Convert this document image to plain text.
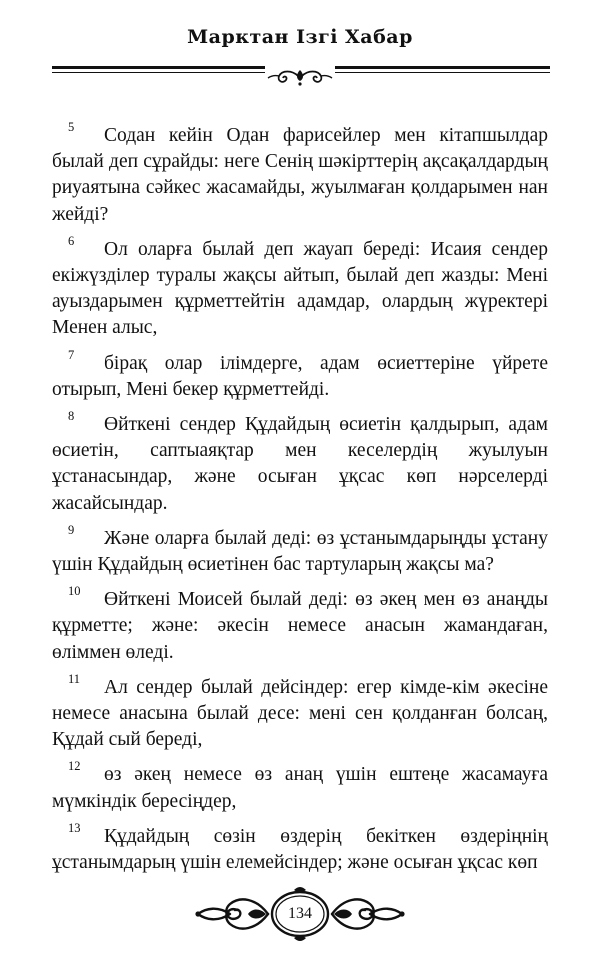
Марктан Ізгі Хабар

5 Содан кейін Одан фарисейлер мен кітапшылдар былай деп сұрайды: неге Сенің шәкірттерің ақсақалдардың риуаятына сәйкес жасамайды, жуылмаған қолдарымен нан жейді?

6 Ол оларға былай деп жауап береді: Исаия сендер екіжүзділер туралы жақсы айтып, былай деп жазды: Мені ауыздарымен құрметтейтін адамдар, олардың жүректері Менен алыс,

7 бірақ олар ілімдерге, адам өсиеттеріне үйрете отырып, Мені бекер құрметтейді.

8 Өйткені сендер Құдайдың өсиетін қалдырып, адам өсиетін, саптыаяқтар мен кеселердің жуылуын ұстанасындар, және осыған ұқсас көп нәрселерді жасайсындар.

9 Және оларға былай деді: өз ұстанымдарыңды ұстану үшін Құдайдың өсиетінен бас тартуларың жақсы ма?

10 Өйткені Моисей былай деді: өз әкең мен өз анаңды құрметте; және: әкесін немесе анасын жамандаған, өліммен өледі.

11 Ал сендер былай дейсіндер: егер кімде-кім әкесіне немесе анасына былай десе: мені сен қолданған болсаң, Құдай сый береді,

12 өз әкең немесе өз анаң үшін ештеңе жасамауға мүмкіндік бересіңдер,

13 Құдайдың сөзін өздерің бекіткен өздеріңнің ұстанымдарың үшін елемейсіндер; және осыған ұқсас көп

134
